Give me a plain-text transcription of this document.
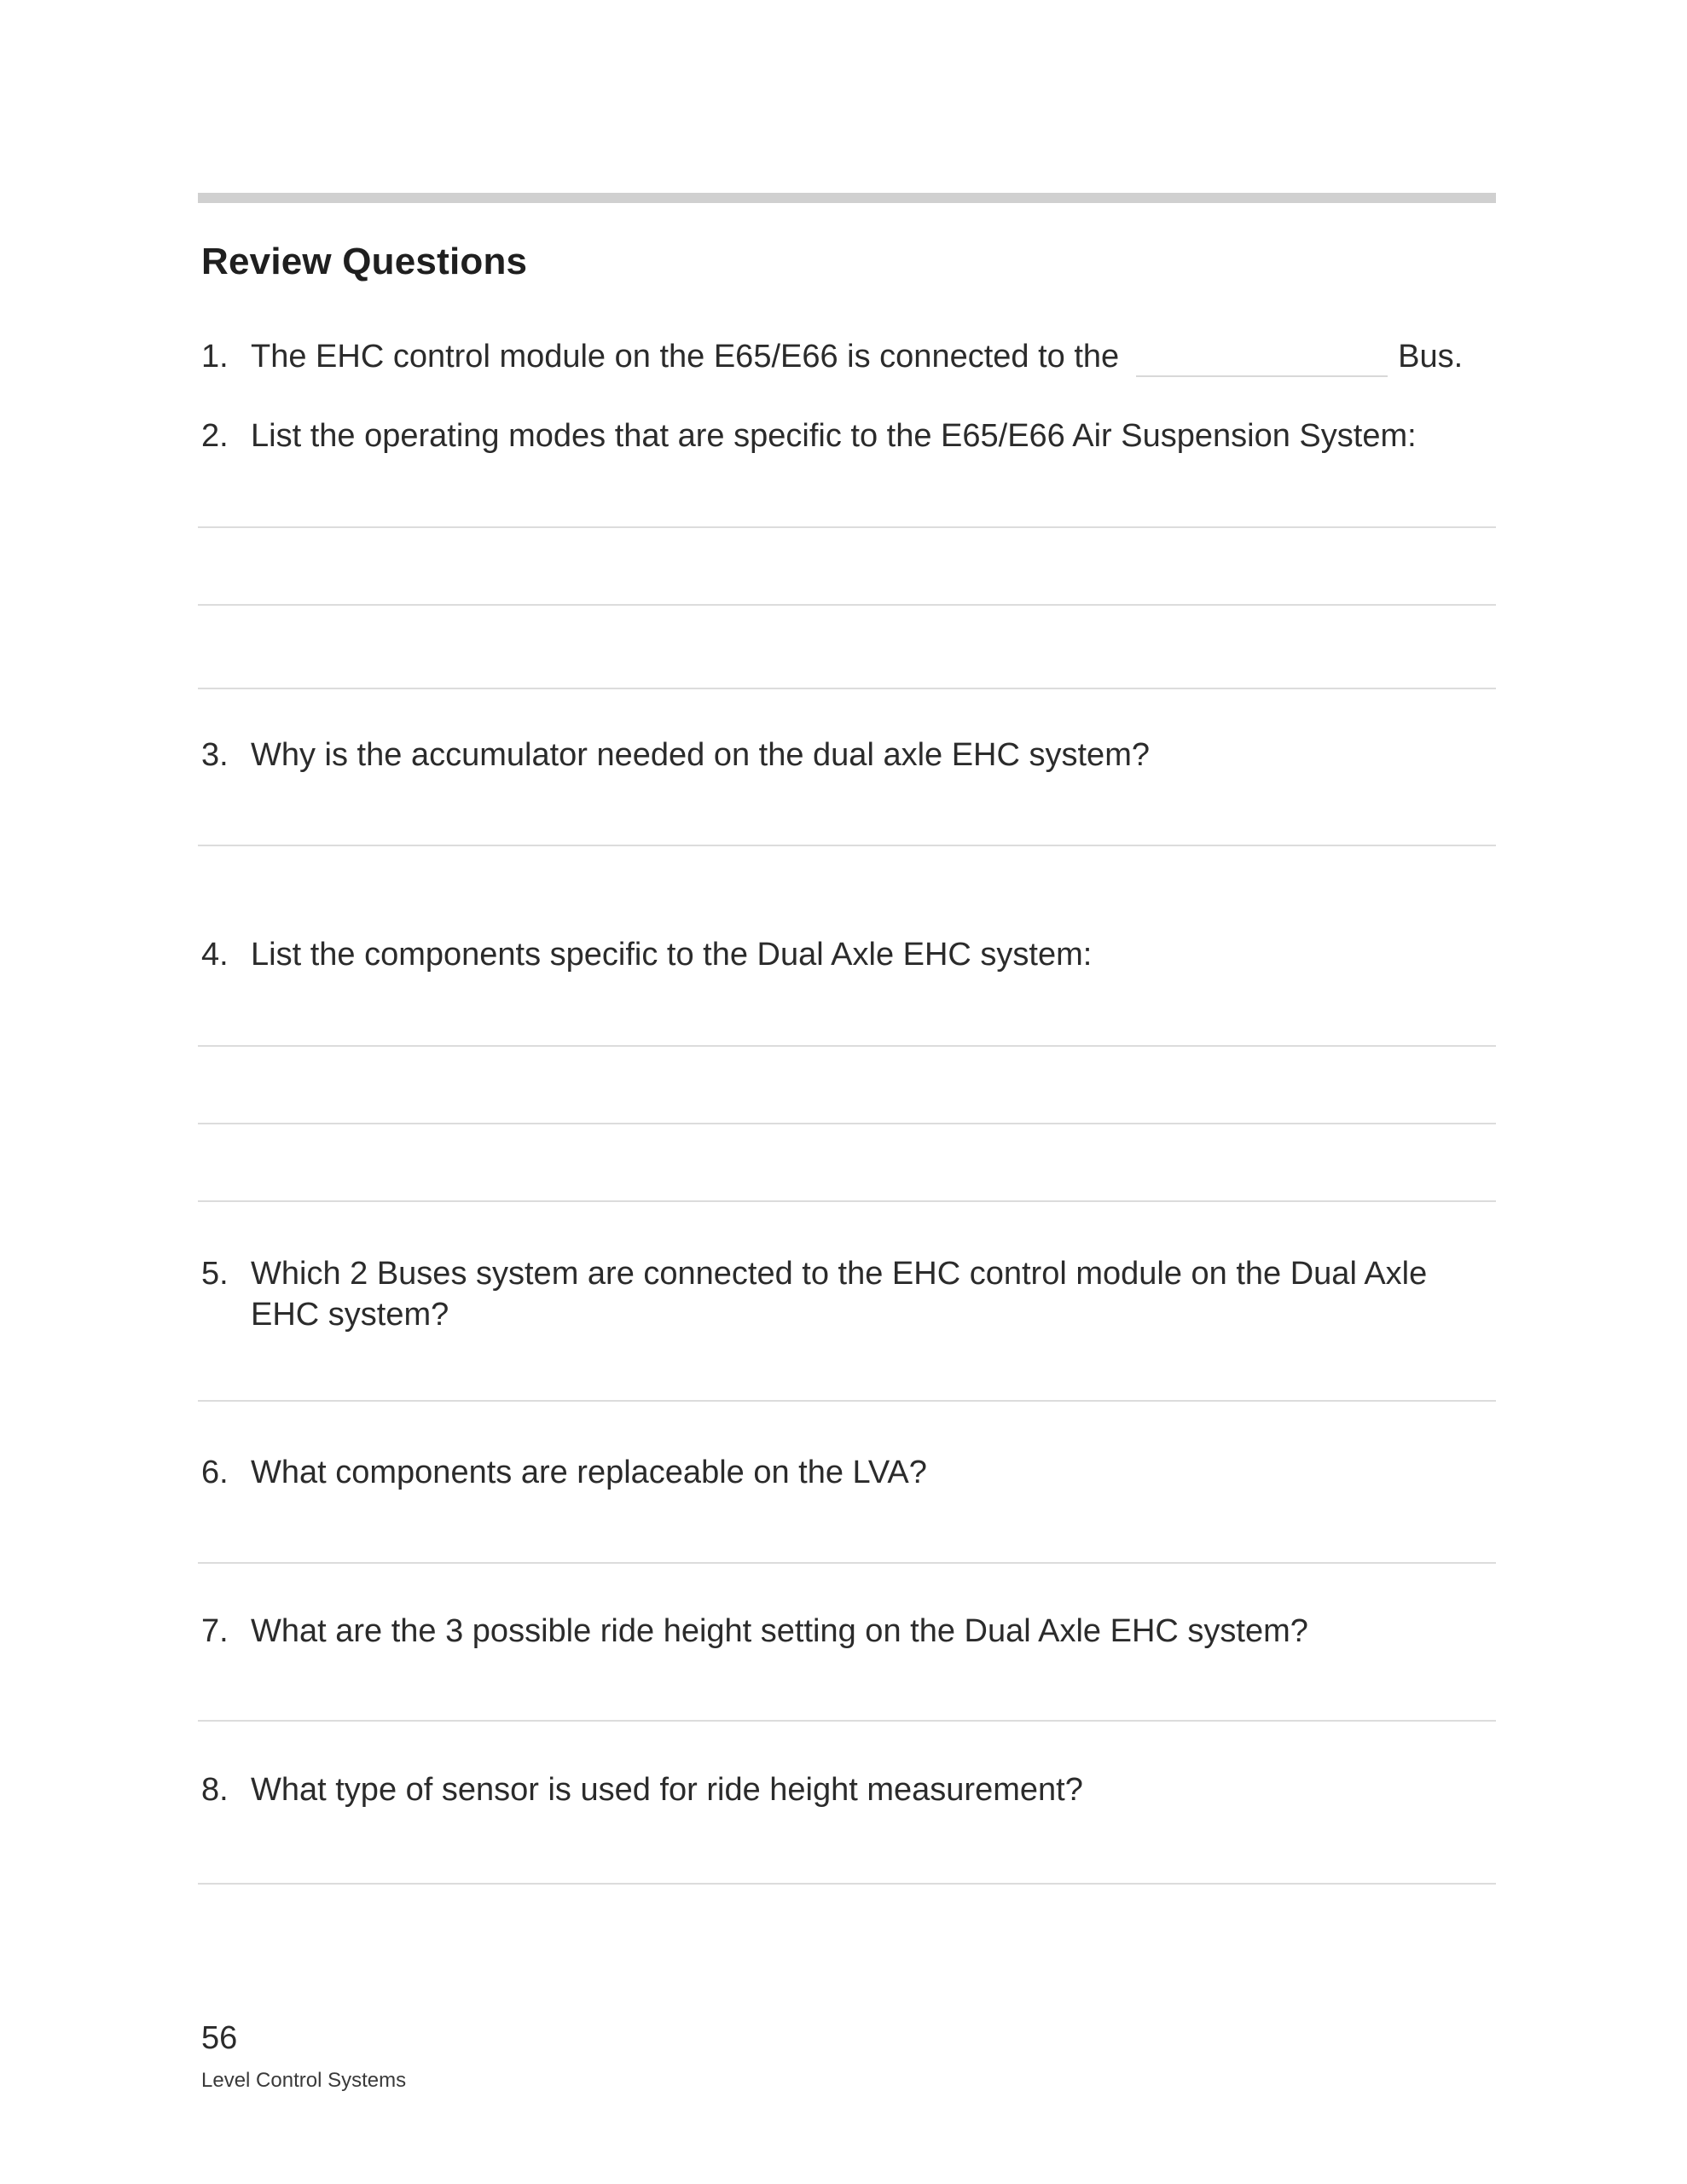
Review Questions
1. The EHC control module on the E65/E66 is connected to the	Bus.
2. List the operating modes that are specific to the E65/E66 Air Suspension System:
3. Why is the accumulator needed on the dual axle EHC system?
4. List the components specific to the Dual Axle EHC system:
5. Which 2 Buses system are connected to the EHC control module on the Dual Axle EHC system?
6. What components are replaceable on the LVA?
7. What are the 3 possible ride height setting on the Dual Axle EHC system?
8. What type of sensor is used for ride height measurement?
56
Level Control Systems
